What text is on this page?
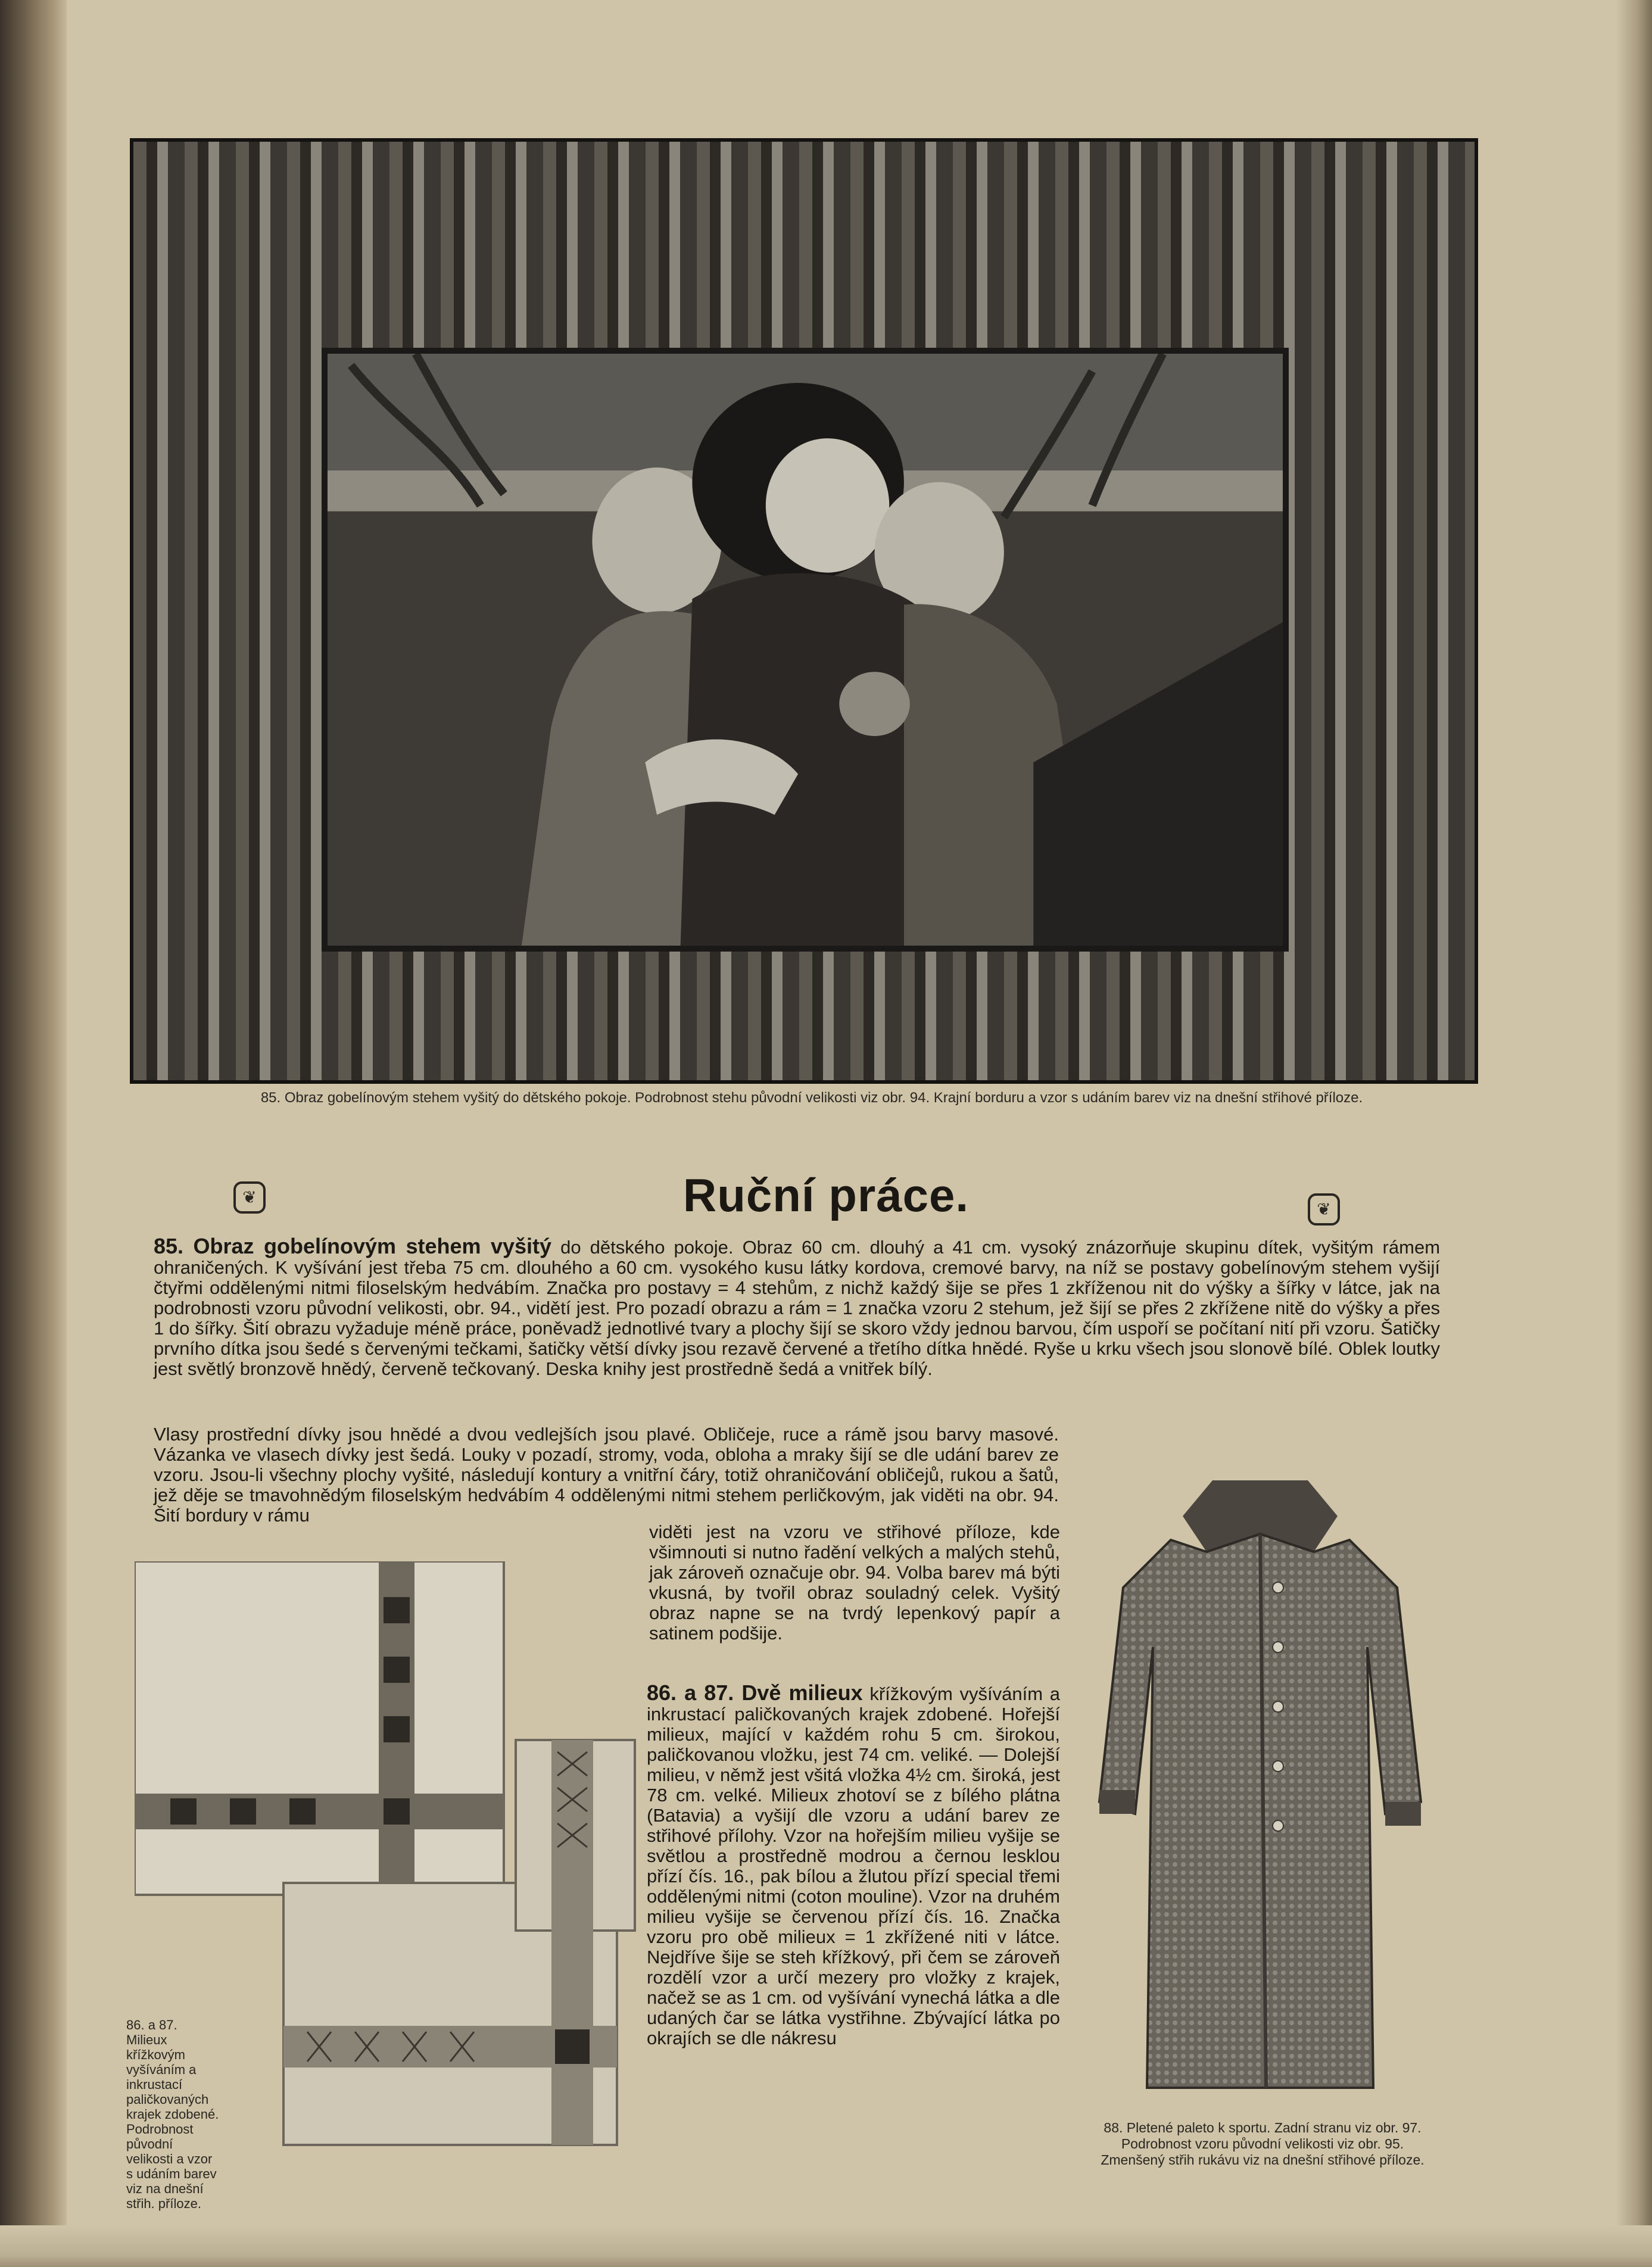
85. Obraz gobelínovým stehem vyšitý do dětského pokoje. Podrobnost stehu původní velikosti viz obr. 94. Krajní borduru a vzor s udáním barev viz na dnešní střihové příloze.
❦	Ruční práce.	❦
85. Obraz gobelínovým stehem vyšitý do dětského pokoje. Obraz 60 cm. dlouhý a 41 cm. vysoký znázorňuje skupinu dítek, vyšitým rámem ohraničených. K vyšívání jest třeba 75 cm. dlouhého a 60 cm. vysokého kusu látky kordova, cremové barvy, na níž se postavy gobelínovým stehem vyšijí čtyřmi oddělenými nitmi filoselským hedvábím. Značka pro postavy = 4 stehům, z nichž každý šije se přes 1 zkříženou nit do výšky a šířky v látce, jak na podrobnosti vzoru původní velikosti, obr. 94., vidětí jest. Pro pozadí obrazu a rám = 1 značka vzoru 2 stehum, jež šijí se přes 2 zkřížene nitě do výšky a přes 1 do šířky. Šití obrazu vyžaduje méně práce, poněvadž jednotlivé tvary a plochy šijí se skoro vždy jednou barvou, čím uspoří se počítaní nití při vzoru. Šatičky prvního dítka jsou šedé s červenými tečkami, šatičky větší dívky jsou rezavě červené a třetího dítka hnědé. Ryše u krku všech jsou slonově bílé. Oblek loutky jest světlý bronzově hnědý, červeně tečkovaný. Deska knihy jest prostředně šedá a vnitřek bílý.
Vlasy prostřední dívky jsou hnědé a dvou vedlejších jsou plavé. Obličeje, ruce a rámě jsou barvy masové. Vázanka ve vlasech dívky jest šedá. Louky v pozadí, stromy, voda, obloha a mraky šijí se dle udání barev ze vzoru. Jsou-li všechny plochy vyšité, následují kontury a vnitřní čáry, totiž ohraničování obličejů, rukou a šatů, jež děje se tmavohnědým filoselským hedvábím 4 oddělenými nitmi stehem perličkovým, jak viděti na obr. 94. Šití bordury v rámu
viděti jest na vzoru ve střihové příloze, kde všimnouti si nutno řadění velkých a malých stehů, jak zároveň označuje obr. 94. Volba barev má býti vkusná, by tvořil obraz souladný celek. Vyšitý obraz napne se na tvrdý lepenkový papír a satinem podšije.
86. a 87. Dvě milieux křížkovým vyšíváním a inkrustací paličkovaných krajek zdobené. Hořejší milieux, mající v každém rohu 5 cm. širokou, paličkovanou vložku, jest 74 cm. veliké. — Dolejší milieu, v němž jest všitá vložka 4½ cm. široká, jest 78 cm. velké. Milieux zhotoví se z bílého plátna (Batavia) a vyšijí dle vzoru a udání barev ze střihové přílohy. Vzor na hořejším milieu vyšije se světlou a prostředně modrou a černou lesklou přízí čís. 16., pak bílou a žlutou přízí special třemi oddělenými nitmi (coton mouline). Vzor na druhém milieu vyšije se červenou přízí čís. 16. Značka vzoru pro obě milieux = 1 zkřížené niti v látce. Nejdříve šije se steh křížkový, při čem se zároveň rozdělí vzor a určí mezery pro vložky z krajek, načež se as 1 cm. od vyšívání vynechá látka a dle udaných čar se látka vystřihne. Zbývající látka po okrajích se dle nákresu
86. a 87. Milieux křížkovým vyšíváním a inkrustací paličkovaných krajek zdobené. Podrobnost původní velikosti a vzor s udáním barev viz na dnešní střih. příloze.
88. Pletené paleto k sportu. Zadní stranu viz obr. 97. Podrobnost vzoru původní velikosti viz obr. 95. Zmenšený střih rukávu viz na dnešní střihové příloze.
